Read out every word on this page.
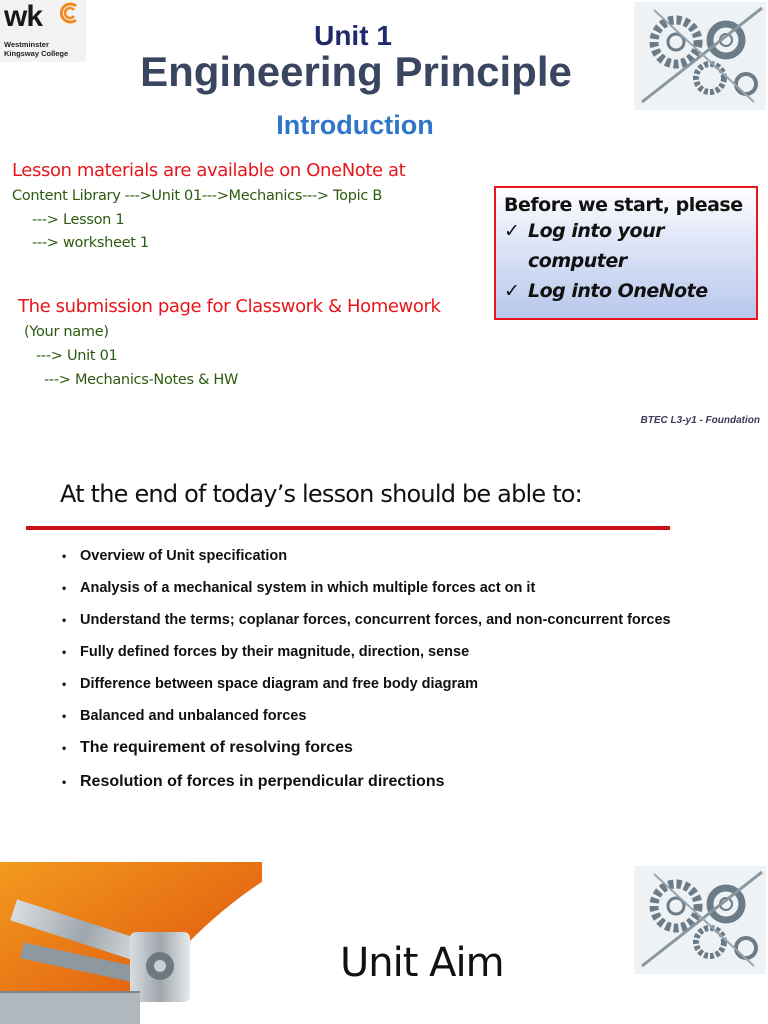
wk
Westminster
Kingsway College
Unit 1
Engineering Principle
Introduction
Lesson materials are available on OneNote at
Content Library --->Unit 01--->Mechanics---> Topic B
---> Lesson 1
---> worksheet 1
The submission page for Classwork & Homework
(Your name)
---> Unit 01
---> Mechanics-Notes & HW
Before we start, please
✓ Log into your
computer
✓ Log into OneNote
BTEC L3-y1 - Foundation
At the end of today’s lesson should be able to:
• Overview of Unit specification
• Analysis of a mechanical system in which multiple forces act on it
• Understand the terms; coplanar forces, concurrent forces, and non-concurrent forces
• Fully defined forces by their magnitude, direction, sense
• Difference between space diagram and free body diagram
• Balanced and unbalanced forces
• The requirement of resolving forces
• Resolution of forces in perpendicular directions
Unit Aim
